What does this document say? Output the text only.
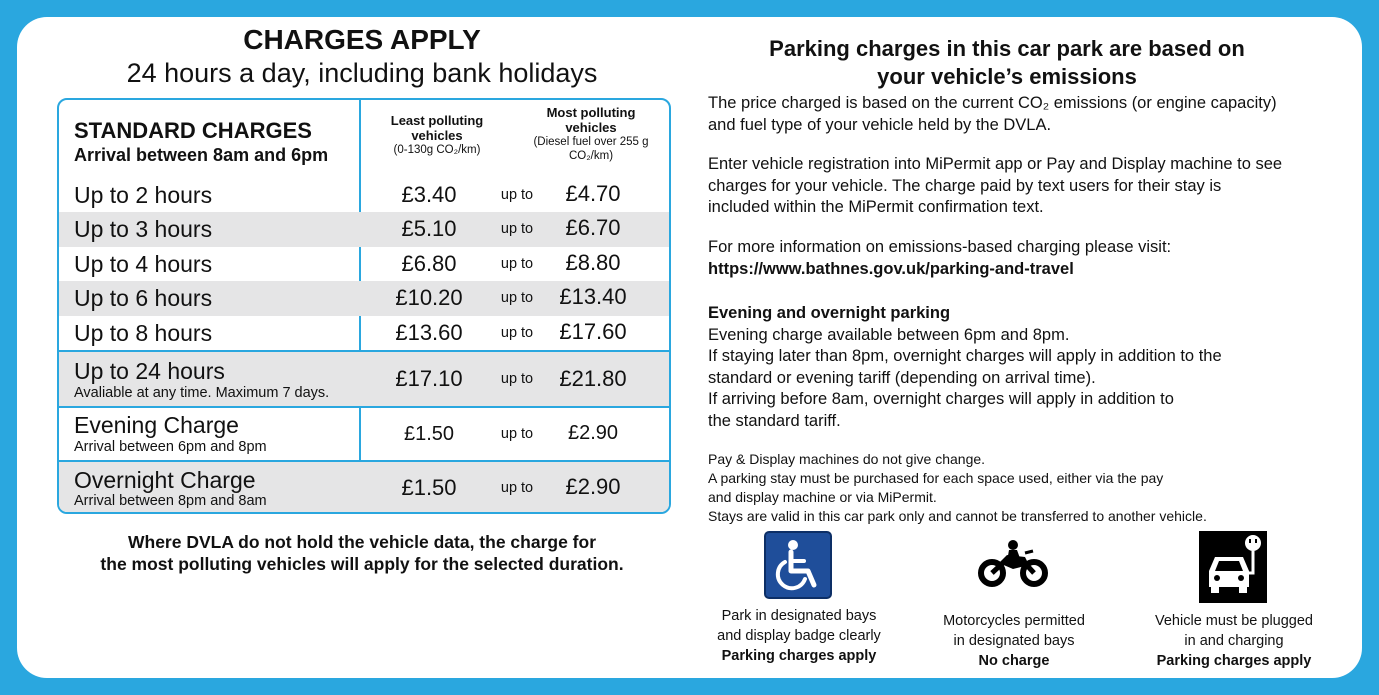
CHARGES APPLY
24 hours a day, including bank holidays
STANDARD CHARGES
Arrival between 8am and 6pm
Least polluting vehicles
(0-130g CO₂/km)
Most polluting vehicles
(Diesel fuel over 255 g CO₂/km)
Up to 2 hours	£3.40	up to	£4.70
Up to 3 hours	£5.10	up to	£6.70
Up to 4 hours	£6.80	up to	£8.80
Up to 6 hours	£10.20	up to	£13.40
Up to 8 hours	£13.60	up to	£17.60
Up to 24 hours
Avaliable at any time. Maximum 7 days.
£17.10	up to	£21.80
Evening Charge
Arrival between 6pm and 8pm
£1.50	up to	£2.90
Overnight Charge
Arrival between 8pm and 8am
£1.50	up to	£2.90
Where DVLA do not hold the vehicle data, the charge for
the most polluting vehicles will apply for the selected duration.
Parking charges in this car park are based on
your vehicle’s emissions
The price charged is based on the current CO₂ emissions (or engine capacity)
and fuel type of your vehicle held by the DVLA.
Enter vehicle registration into MiPermit app or Pay and Display machine to see
charges for your vehicle. The charge paid by text users for their stay is
included within the MiPermit confirmation text.
For more information on emissions-based charging please visit:
https://www.bathnes.gov.uk/parking-and-travel
Evening and overnight parking
Evening charge available between 6pm and 8pm.
If staying later than 8pm, overnight charges will apply in addition to the
standard or evening tariff (depending on arrival time).
If arriving before 8am, overnight charges will apply in addition to
the standard tariff.
Pay & Display machines do not give change.
A parking stay must be purchased for each space used, either via the pay
and display machine or via MiPermit.
Stays are valid in this car park only and cannot be transferred to another vehicle.
Park in designated bays
and display badge clearly
Parking charges apply
Motorcycles permitted
in designated bays
No charge
Vehicle must be plugged
in and charging
Parking charges apply
